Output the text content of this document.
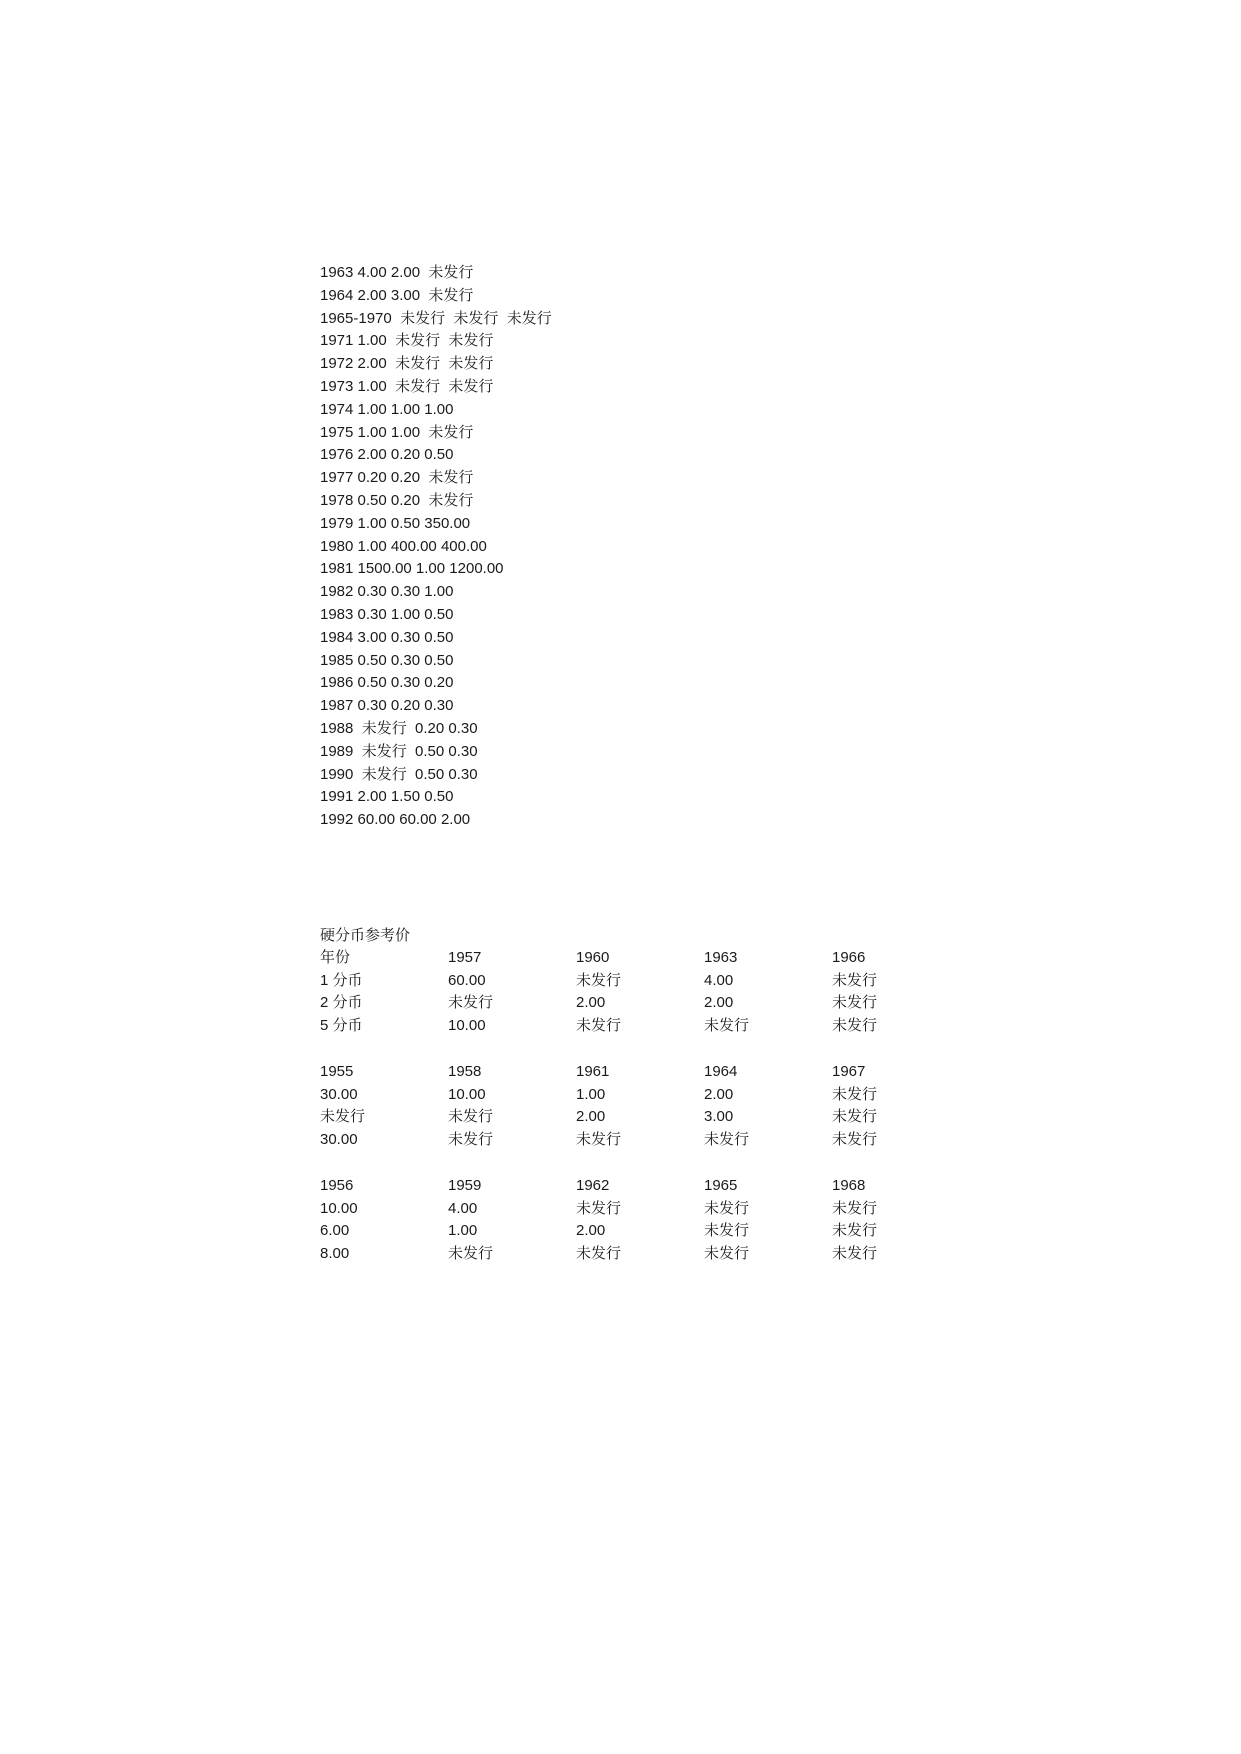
1963 4.00 2.00  未发行
1964 2.00 3.00  未发行
1965-1970  未发行  未发行  未发行
1971 1.00  未发行  未发行
1972 2.00  未发行  未发行
1973 1.00  未发行  未发行
1974 1.00 1.00 1.00
1975 1.00 1.00  未发行
1976 2.00 0.20 0.50
1977 0.20 0.20  未发行
1978 0.50 0.20  未发行
1979 1.00 0.50 350.00
1980 1.00 400.00 400.00
1981 1500.00 1.00 1200.00
1982 0.30 0.30 1.00
1983 0.30 1.00 0.50
1984 3.00 0.30 0.50
1985 0.50 0.30 0.50
1986 0.50 0.30 0.20
1987 0.30 0.20 0.30
1988  未发行  0.20 0.30
1989  未发行  0.50 0.30
1990  未发行  0.50 0.30
1991 2.00 1.50 0.50
1992 60.00 60.00 2.00
硬分币参考价
年份	1957	1960	1963	1966
1 分币	60.00	未发行	4.00	未发行
2 分币	未发行	2.00	2.00	未发行
5 分币	10.00	未发行	未发行	未发行
1955	1958	1961	1964	1967
30.00	10.00	1.00	2.00	未发行
未发行	未发行	2.00	3.00	未发行
30.00	未发行	未发行	未发行	未发行
1956	1959	1962	1965	1968
10.00	4.00	未发行	未发行	未发行
6.00	1.00	2.00	未发行	未发行
8.00	未发行	未发行	未发行	未发行
